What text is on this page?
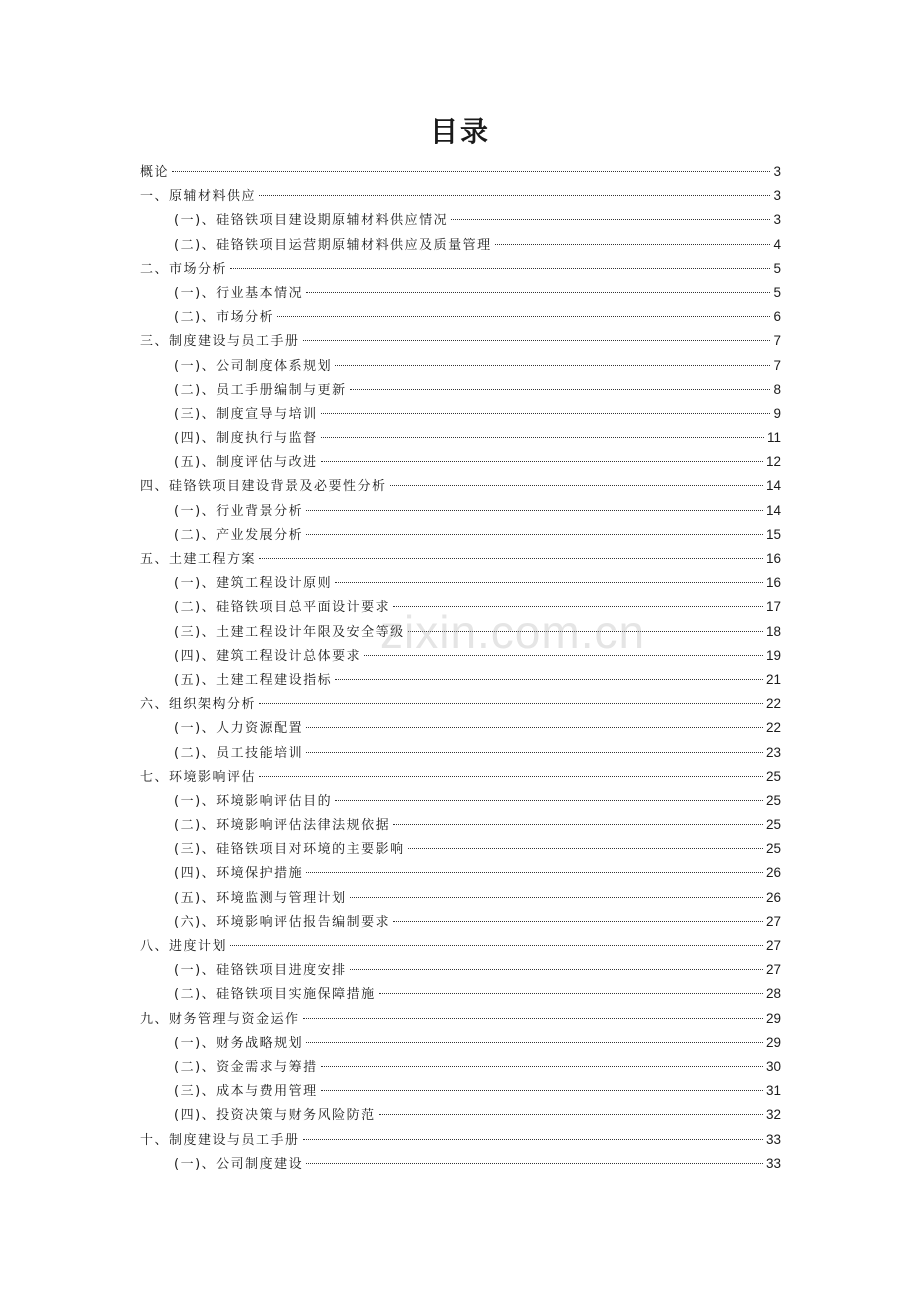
目录
概论	3
一、原辅材料供应	3
(一)、硅铬铁项目建设期原辅材料供应情况	3
(二)、硅铬铁项目运营期原辅材料供应及质量管理	4
二、市场分析	5
(一)、行业基本情况	5
(二)、市场分析	6
三、制度建设与员工手册	7
(一)、公司制度体系规划	7
(二)、员工手册编制与更新	8
(三)、制度宣导与培训	9
(四)、制度执行与监督	11
(五)、制度评估与改进	12
四、硅铬铁项目建设背景及必要性分析	14
(一)、行业背景分析	14
(二)、产业发展分析	15
五、土建工程方案	16
(一)、建筑工程设计原则	16
(二)、硅铬铁项目总平面设计要求	17
(三)、土建工程设计年限及安全等级	18
(四)、建筑工程设计总体要求	19
(五)、土建工程建设指标	21
六、组织架构分析	22
(一)、人力资源配置	22
(二)、员工技能培训	23
七、环境影响评估	25
(一)、环境影响评估目的	25
(二)、环境影响评估法律法规依据	25
(三)、硅铬铁项目对环境的主要影响	25
(四)、环境保护措施	26
(五)、环境监测与管理计划	26
(六)、环境影响评估报告编制要求	27
八、进度计划	27
(一)、硅铬铁项目进度安排	27
(二)、硅铬铁项目实施保障措施	28
九、财务管理与资金运作	29
(一)、财务战略规划	29
(二)、资金需求与筹措	30
(三)、成本与费用管理	31
(四)、投资决策与财务风险防范	32
十、制度建设与员工手册	33
(一)、公司制度建设	33
zixin.com.cn
